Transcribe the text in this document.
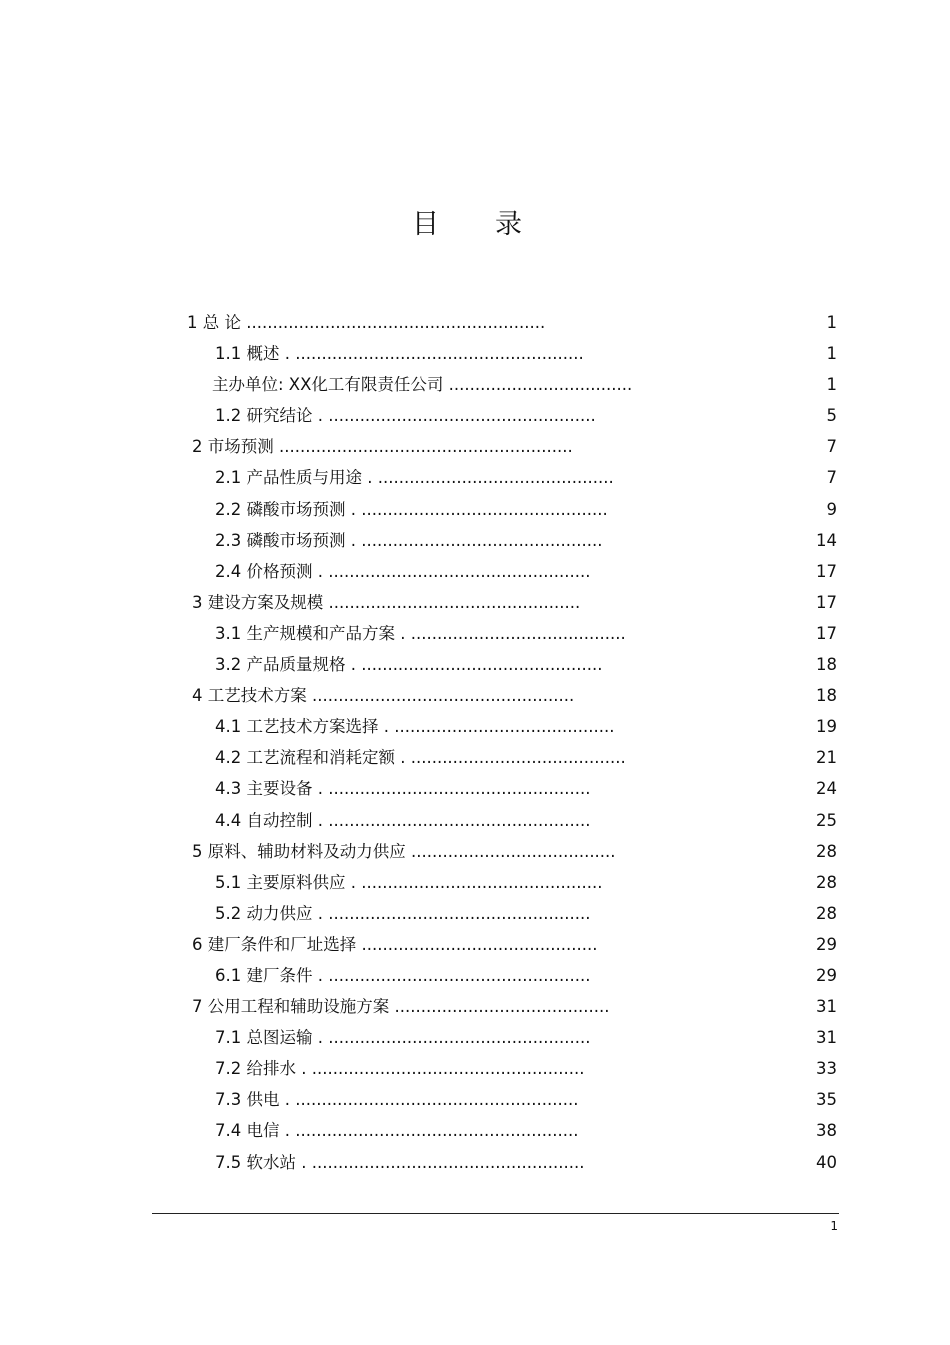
目录
1 总 论 .........................................................	1
1.1 概述 . .......................................................	1
主办单位: XX化工有限责任公司 ...................................	1
1.2 研究结论 . ...................................................	5
2 市场预测 ........................................................	7
2.1 产品性质与用途 . .............................................	7
2.2 磷酸市场预测 . ...............................................	9
2.3 磷酸市场预测 . ..............................................	14
2.4 价格预测 . ..................................................	17
3 建设方案及规模 ................................................	17
3.1 生产规模和产品方案 . .........................................	17
3.2 产品质量规格 . ..............................................	18
4 工艺技术方案 ..................................................	18
4.1 工艺技术方案选择 . ..........................................	19
4.2 工艺流程和消耗定额 . .........................................	21
4.3 主要设备 . ..................................................	24
4.4 自动控制 . ..................................................	25
5 原料、辅助材料及动力供应 .......................................	28
5.1 主要原料供应 . ..............................................	28
5.2 动力供应 . ..................................................	28
6 建厂条件和厂址选择 .............................................	29
6.1 建厂条件 . ..................................................	29
7 公用工程和辅助设施方案 .........................................	31
7.1 总图运输 . ..................................................	31
7.2 给排水 . ....................................................	33
7.3 供电 . ......................................................	35
7.4 电信 . ......................................................	38
7.5 软水站 . ....................................................	40
1
